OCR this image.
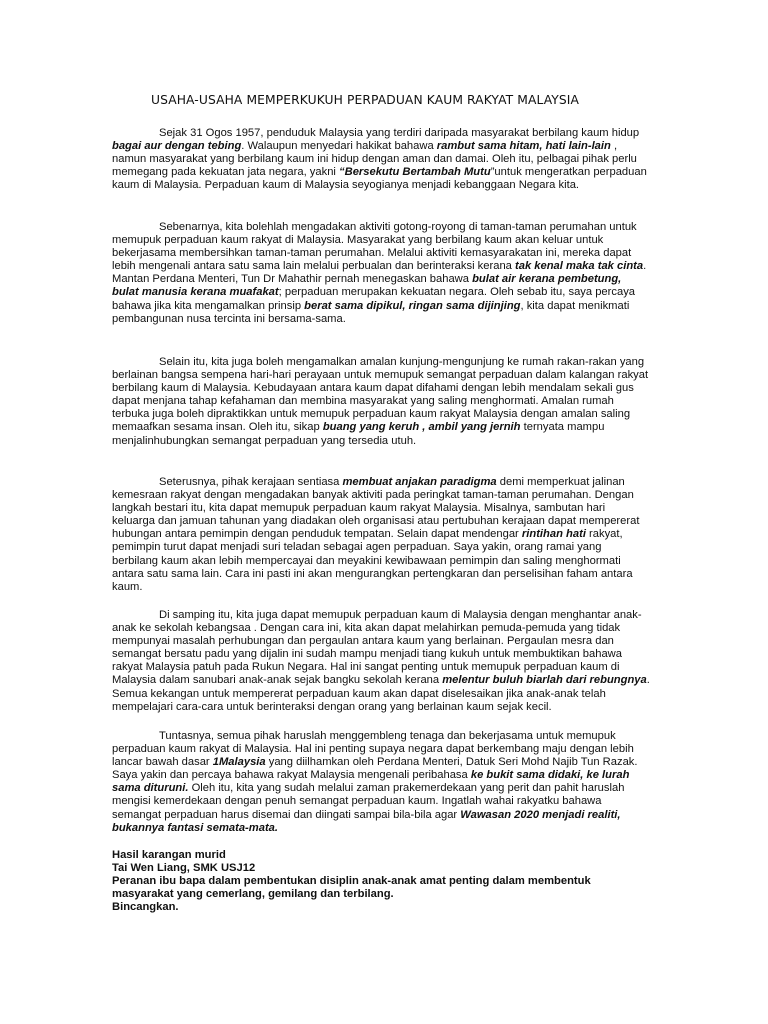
USAHA-USAHA MEMPERKUKUH PERPADUAN KAUM RAKYAT MALAYSIA

Sejak 31 Ogos 1957, penduduk Malaysia yang terdiri daripada masyarakat berbilang kaum hidup

bagai aur dengan tebing. Walaupun menyedari hakikat bahawa rambut sama hitam, hati lain-lain ,

namun masyarakat yang berbilang kaum ini hidup dengan aman dan damai. Oleh itu, pelbagai pihak perlu

memegang pada kekuatan jata negara, yakni “Bersekutu Bertambah Mutu”untuk mengeratkan perpaduan

kaum di Malaysia. Perpaduan kaum di Malaysia seyogianya menjadi kebanggaan Negara kita.

Sebenarnya, kita bolehlah mengadakan aktiviti gotong-royong di taman-taman perumahan untuk

memupuk perpaduan kaum rakyat di Malaysia. Masyarakat yang berbilang kaum akan keluar untuk

bekerjasama membersihkan taman-taman perumahan. Melalui aktiviti kemasyarakatan ini, mereka dapat

lebih mengenali antara satu sama lain melalui perbualan dan berinteraksi kerana tak kenal maka tak cinta.

Mantan Perdana Menteri, Tun Dr Mahathir pernah menegaskan bahawa bulat air kerana pembetung,

bulat manusia kerana muafakat; perpaduan merupakan kekuatan negara. Oleh sebab itu, saya percaya

bahawa jika kita mengamalkan prinsip berat sama dipikul, ringan sama dijinjing, kita dapat menikmati

pembangunan nusa tercinta ini bersama-sama.

Selain itu, kita juga boleh mengamalkan amalan kunjung-mengunjung ke rumah rakan-rakan yang

berlainan bangsa sempena hari-hari perayaan untuk memupuk semangat perpaduan dalam kalangan rakyat

berbilang kaum di Malaysia. Kebudayaan antara kaum dapat difahami dengan lebih mendalam sekali gus

dapat menjana tahap kefahaman dan membina masyarakat yang saling menghormati. Amalan rumah

terbuka juga boleh dipraktikkan untuk memupuk perpaduan kaum rakyat Malaysia dengan amalan saling

memaafkan sesama insan. Oleh itu, sikap buang yang keruh , ambil yang jernih ternyata mampu

menjalinhubungkan semangat perpaduan yang tersedia utuh.

Seterusnya, pihak kerajaan sentiasa membuat anjakan paradigma demi memperkuat jalinan

kemesraan rakyat dengan mengadakan banyak aktiviti pada peringkat taman-taman perumahan. Dengan

langkah bestari itu, kita dapat memupuk perpaduan kaum rakyat Malaysia. Misalnya, sambutan hari

keluarga dan jamuan tahunan yang diadakan oleh organisasi atau pertubuhan kerajaan dapat mempererat

hubungan antara pemimpin dengan penduduk tempatan. Selain dapat mendengar rintihan hati rakyat,

pemimpin turut dapat menjadi suri teladan sebagai agen perpaduan. Saya yakin, orang ramai yang

berbilang kaum akan lebih mempercayai dan meyakini kewibawaan pemimpin dan saling menghormati

antara satu sama lain. Cara ini pasti ini akan mengurangkan pertengkaran dan perselisihan faham antara

kaum.

Di samping itu, kita juga dapat memupuk perpaduan kaum di Malaysia dengan menghantar anak-

anak ke sekolah kebangsaa . Dengan cara ini, kita akan dapat melahirkan pemuda-pemuda yang tidak

mempunyai masalah perhubungan dan pergaulan antara kaum yang berlainan. Pergaulan mesra dan

semangat bersatu padu yang dijalin ini sudah mampu menjadi tiang kukuh untuk membuktikan bahawa

rakyat Malaysia patuh pada Rukun Negara. Hal ini sangat penting untuk memupuk perpaduan kaum di

Malaysia dalam sanubari anak-anak sejak bangku sekolah kerana melentur buluh biarlah dari rebungnya.

Semua kekangan untuk mempererat perpaduan kaum akan dapat diselesaikan jika anak-anak telah

mempelajari cara-cara untuk berinteraksi dengan orang yang berlainan kaum sejak kecil.

Tuntasnya, semua pihak haruslah menggembleng tenaga dan bekerjasama untuk memupuk

perpaduan kaum rakyat di Malaysia. Hal ini penting supaya negara dapat berkembang maju dengan lebih

lancar bawah dasar 1Malaysia yang diilhamkan oleh Perdana Menteri, Datuk Seri Mohd Najib Tun Razak.

Saya yakin dan percaya bahawa rakyat Malaysia mengenali peribahasa ke bukit sama didaki, ke lurah

sama dituruni. Oleh itu, kita yang sudah melalui zaman prakemerdekaan yang perit dan pahit haruslah

mengisi kemerdekaan dengan penuh semangat perpaduan kaum. Ingatlah wahai rakyatku bahawa

semangat perpaduan harus disemai dan diingati sampai bila-bila agar Wawasan 2020 menjadi realiti,

bukannya fantasi semata-mata.

Hasil karangan murid

Tai Wen Liang, SMK USJ12

Peranan ibu bapa dalam pembentukan disiplin anak-anak amat penting dalam membentuk

masyarakat yang cemerlang, gemilang dan terbilang.

Bincangkan.
